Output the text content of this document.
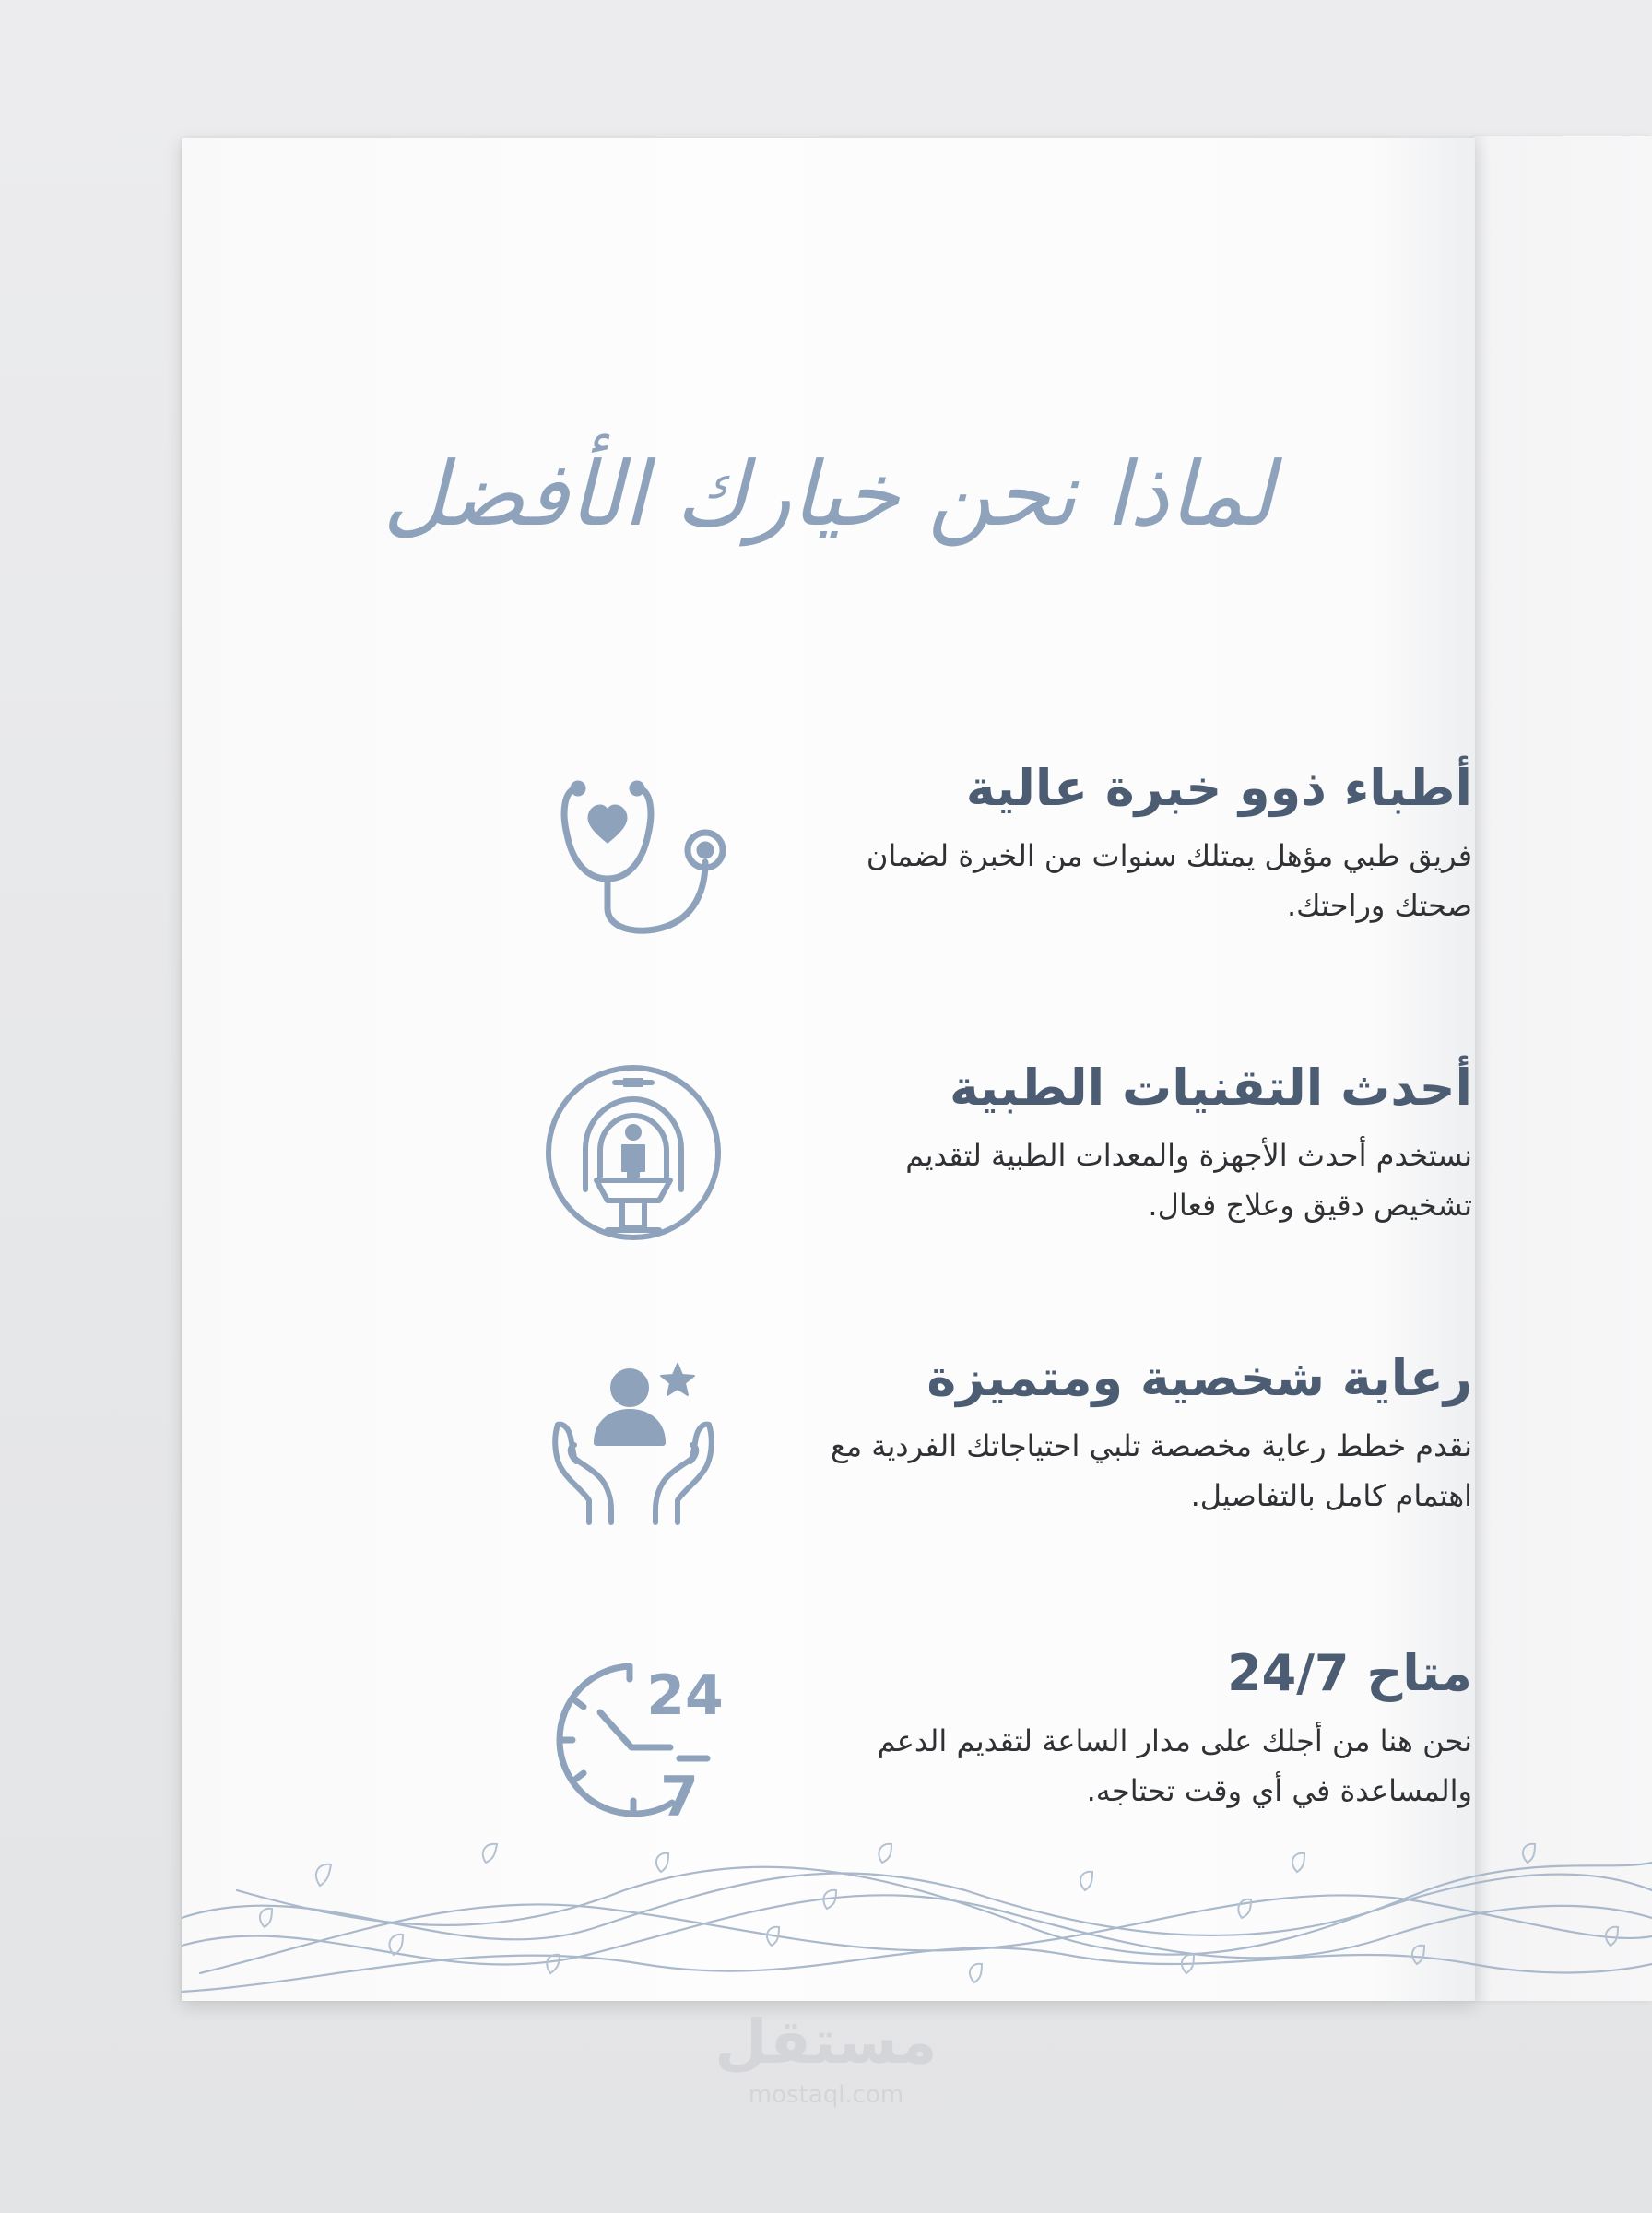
لماذا نحن خيارك الأفضل
أطباء ذوو خبرة عالية
فريق طبي مؤهل يمتلك سنوات من الخبرة لضمان صحتك وراحتك.
أحدث التقنيات الطبية
نستخدم أحدث الأجهزة والمعدات الطبية لتقديم تشخيص دقيق وعلاج فعال.
رعاية شخصية ومتميزة
نقدم خطط رعاية مخصصة تلبي احتياجاتك الفردية مع اهتمام كامل بالتفاصيل.
24
7
متاح 24/7
نحن هنا من أجلك على مدار الساعة لتقديم الدعم والمساعدة في أي وقت تحتاجه.
مستقل
mostaql.com
